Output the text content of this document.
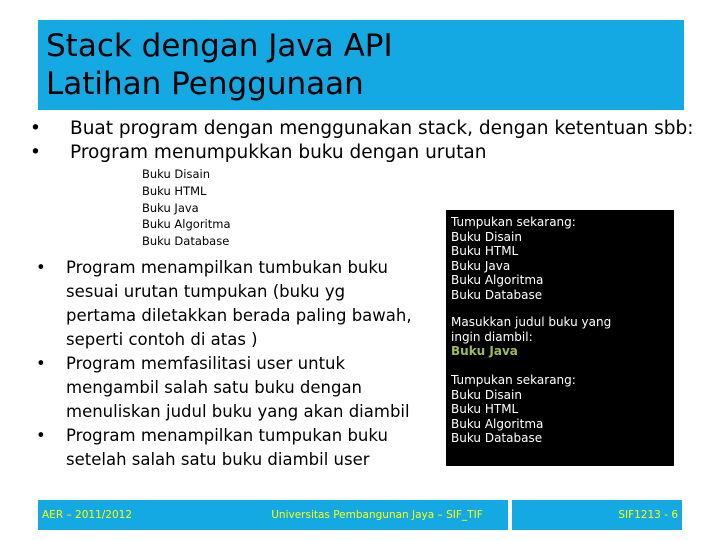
Stack dengan Java API
Latihan Penggunaan
• Buat program dengan menggunakan stack, dengan ketentuan sbb:
• Program menumpukkan buku dengan urutan
Buku Disain
Buku HTML
Buku Java
Buku Algoritma
Buku Database

• Program menampilkan tumbukan buku sesuai urutan tumpukan (buku yg pertama diletakkan berada paling bawah, seperti contoh di atas )

• Program memfasilitasi user untuk mengambil salah satu buku dengan menuliskan judul buku yang akan diambil

• Program menampilkan tumpukan buku setelah salah satu buku diambil user

Tumpukan sekarang:
Buku Disain
Buku HTML
Buku Java
Buku Algoritma
Buku Database
Masukkan judul buku yang
ingin diambil:
Buku Java
Tumpukan sekarang:
Buku Disain
Buku HTML
Buku Algoritma
Buku Database
AER – 2011/2012	Universitas Pembangunan Jaya – SIF_TIF	SIF1213 - 6
